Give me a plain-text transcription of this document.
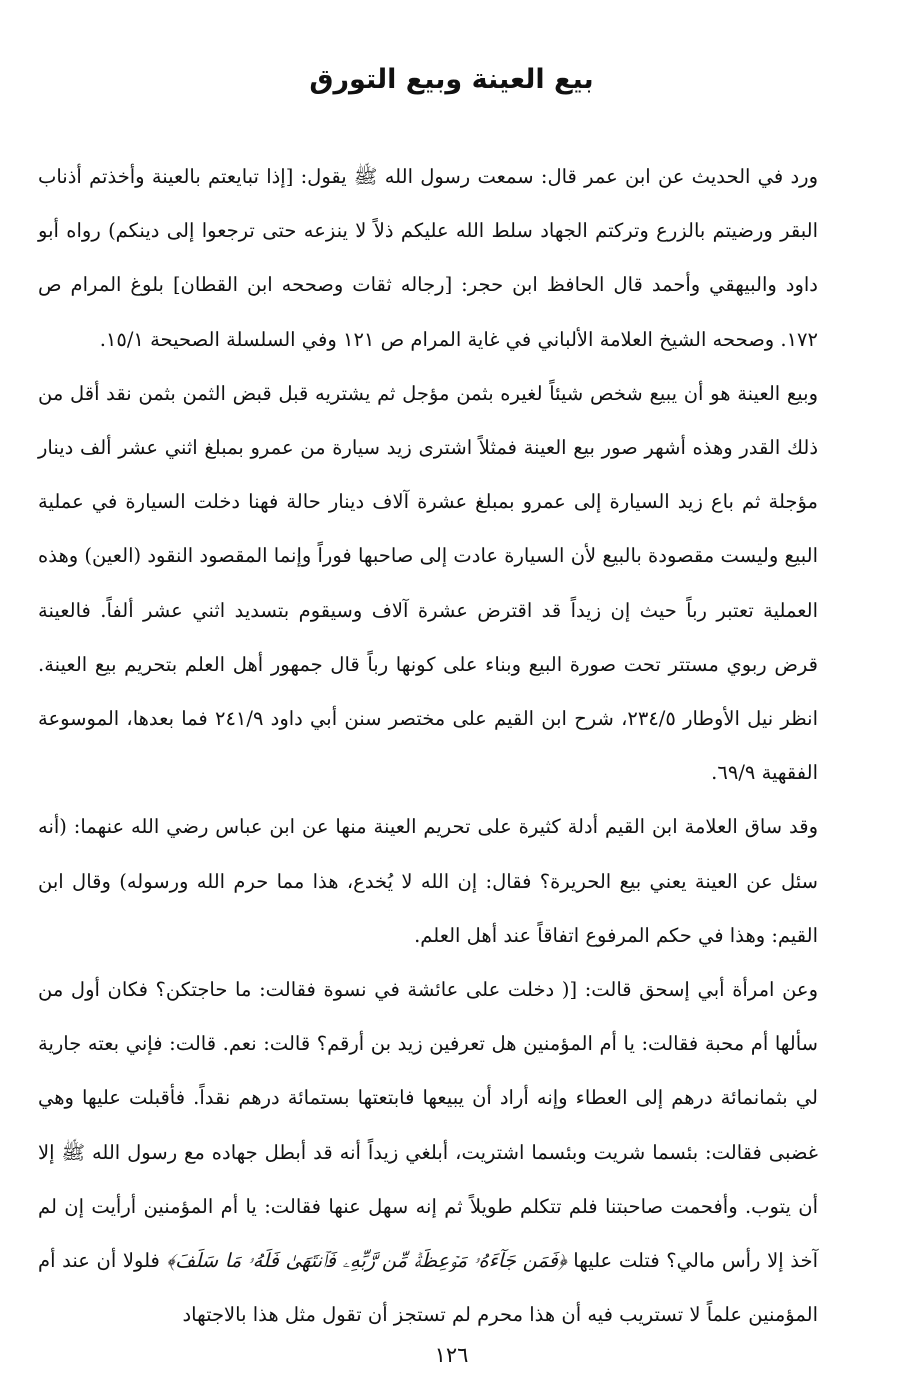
بيع العينة وبيع التورق

ورد في الحديث عن ابن عمر قال: سمعت رسول الله ﷺ يقول: [إذا تبايعتم بالعينة وأخذتم أذناب البقر ورضيتم بالزرع وتركتم الجهاد سلط الله عليكم ذلاً لا ينزعه حتى ترجعوا إلى دينكم) رواه أبو داود والبيهقي وأحمد قال الحافظ ابن حجر: [رجاله ثقات وصححه ابن القطان] بلوغ المرام ص ١٧٢. وصححه الشيخ العلامة الألباني في غاية المرام ص ١٢١ وفي السلسلة الصحيحة ١٥/١.

وبيع العينة هو أن يبيع شخص شيئاً لغيره بثمن مؤجل ثم يشتريه قبل قبض الثمن بثمن نقد أقل من ذلك القدر وهذه أشهر صور بيع العينة فمثلاً اشترى زيد سيارة من عمرو بمبلغ اثني عشر ألف دينار مؤجلة ثم باع زيد السيارة إلى عمرو بمبلغ عشرة آلاف دينار حالة فهنا دخلت السيارة في عملية البيع وليست مقصودة بالبيع لأن السيارة عادت إلى صاحبها فوراً وإنما المقصود النقود (العين) وهذه العملية تعتبر رباً حيث إن زيداً قد اقترض عشرة آلاف وسيقوم بتسديد اثني عشر ألفاً. فالعينة قرض ربوي مستتر تحت صورة البيع وبناء على كونها رباً قال جمهور أهل العلم بتحريم بيع العينة. انظر نيل الأوطار ٢٣٤/٥، شرح ابن القيم على مختصر سنن أبي داود ٢٤١/٩ فما بعدها، الموسوعة الفقهية ٦٩/٩.

وقد ساق العلامة ابن القيم أدلة كثيرة على تحريم العينة منها عن ابن عباس رضي الله عنهما: (أنه سئل عن العينة يعني بيع الحريرة؟ فقال: إن الله لا يُخدع، هذا مما حرم الله ورسوله) وقال ابن القيم: وهذا في حكم المرفوع اتفاقاً عند أهل العلم.

وعن امرأة أبي إسحق قالت: [( دخلت على عائشة في نسوة فقالت: ما حاجتكن؟ فكان أول من سألها أم محبة فقالت: يا أم المؤمنين هل تعرفين زيد بن أرقم؟ قالت: نعم. قالت: فإني بعته جارية لي بثمانمائة درهم إلى العطاء وإنه أراد أن يبيعها فابتعتها بستمائة درهم نقداً. فأقبلت عليها وهي غضبى فقالت: بئسما شريت وبئسما اشتريت، أبلغي زيداً أنه قد أبطل جهاده مع رسول الله ﷺ إلا أن يتوب. وأفحمت صاحبتنا فلم تتكلم طويلاً ثم إنه سهل عنها فقالت: يا أم المؤمنين أرأيت إن لم آخذ إلا رأس مالي؟ فتلت عليها ﴿فَمَن جَآءَهُۥ مَوۡعِظَةٞ مِّن رَّبِّهِۦ فَٱنتَهَىٰ فَلَهُۥ مَا سَلَفَ﴾ فلولا أن عند أم المؤمنين علماً لا تستريب فيه أن هذا محرم لم تستجز أن تقول مثل هذا بالاجتهاد

١٢٦
